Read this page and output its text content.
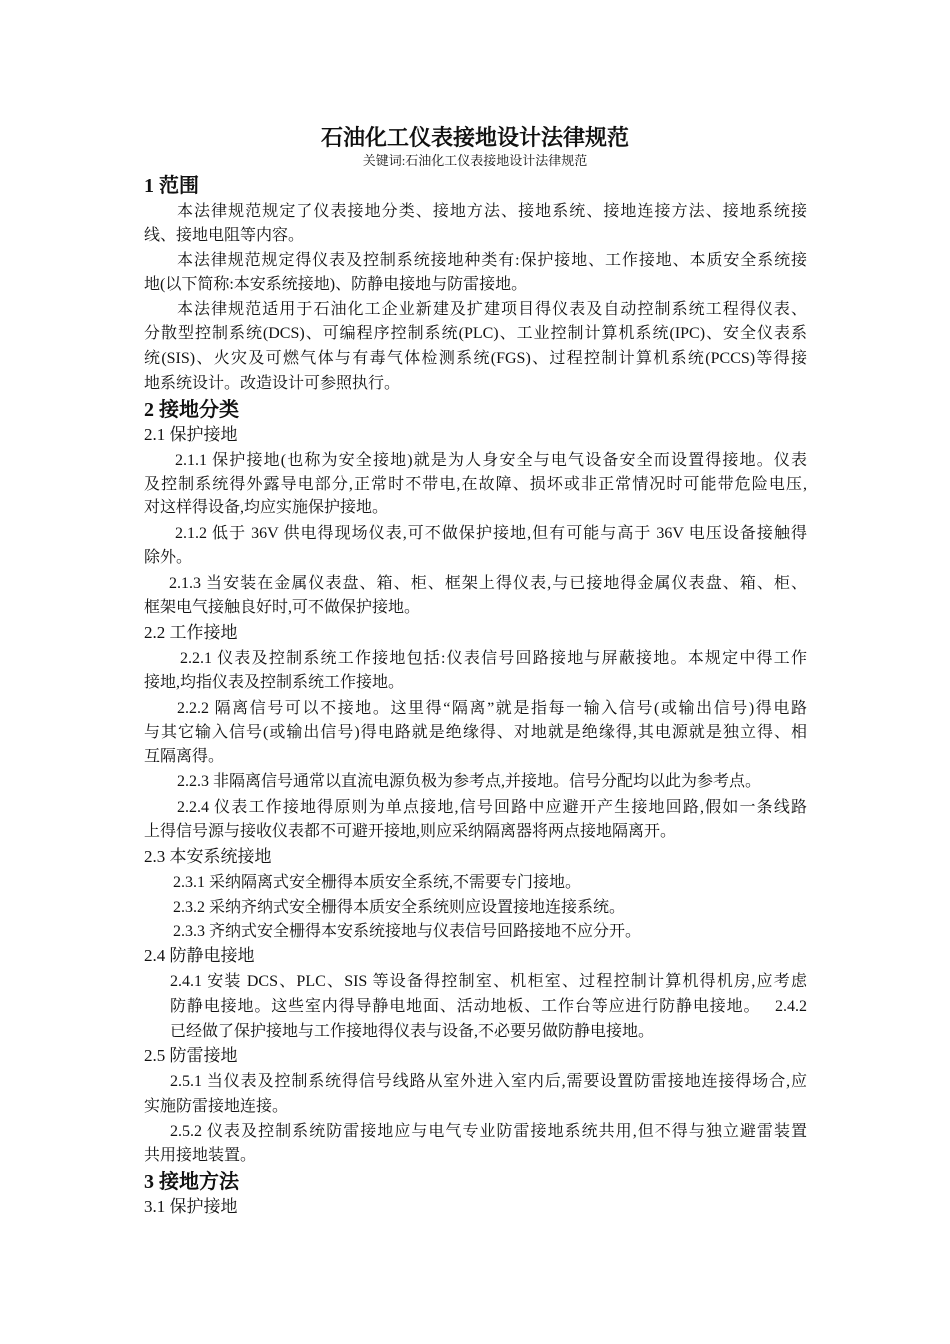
石油化工仪表接地设计法律规范
关键词:石油化工仪表接地设计法律规范
1 范围
本法律规范规定了仪表接地分类、接地方法、接地系统、接地连接方法、接地系统接
线、接地电阻等内容。
本法律规范规定得仪表及控制系统接地种类有:保护接地、工作接地、本质安全系统接
地(以下简称:本安系统接地)、防静电接地与防雷接地。
本法律规范适用于石油化工企业新建及扩建项目得仪表及自动控制系统工程得仪表、
分散型控制系统(DCS)、可编程序控制系统(PLC)、工业控制计算机系统(IPC)、安全仪表系
统(SIS)、火灾及可燃气体与有毒气体检测系统(FGS)、过程控制计算机系统(PCCS)等得接
地系统设计。改造设计可参照执行。
2 接地分类
2.1 保护接地
2.1.1 保护接地(也称为安全接地)就是为人身安全与电气设备安全而设置得接地。仪表
及控制系统得外露导电部分,正常时不带电,在故障、损坏或非正常情况时可能带危险电压,
对这样得设备,均应实施保护接地。
2.1.2 低于 36V 供电得现场仪表,可不做保护接地,但有可能与高于 36V 电压设备接触得
除外。
2.1.3 当安装在金属仪表盘、箱、柜、框架上得仪表,与已接地得金属仪表盘、箱、柜、
框架电气接触良好时,可不做保护接地。
2.2 工作接地
2.2.1 仪表及控制系统工作接地包括:仪表信号回路接地与屏蔽接地。本规定中得工作
接地,均指仪表及控制系统工作接地。
2.2.2 隔离信号可以不接地。这里得“隔离”就是指每一输入信号(或输出信号)得电路
与其它输入信号(或输出信号)得电路就是绝缘得、对地就是绝缘得,其电源就是独立得、相
互隔离得。
2.2.3 非隔离信号通常以直流电源负极为参考点,并接地。信号分配均以此为参考点。
2.2.4 仪表工作接地得原则为单点接地,信号回路中应避开产生接地回路,假如一条线路
上得信号源与接收仪表都不可避开接地,则应采纳隔离器将两点接地隔离开。
2.3 本安系统接地
2.3.1 采纳隔离式安全栅得本质安全系统,不需要专门接地。
2.3.2 采纳齐纳式安全栅得本质安全系统则应设置接地连接系统。
2.3.3 齐纳式安全栅得本安系统接地与仪表信号回路接地不应分开。
2.4 防静电接地
2.4.1 安装 DCS、PLC、SIS 等设备得控制室、机柜室、过程控制计算机得机房,应考虑
防静电接地。这些室内得导静电地面、活动地板、工作台等应进行防静电接地。   2.4.2
已经做了保护接地与工作接地得仪表与设备,不必要另做防静电接地。
2.5 防雷接地
2.5.1 当仪表及控制系统得信号线路从室外进入室内后,需要设置防雷接地连接得场合,应
实施防雷接地连接。
2.5.2 仪表及控制系统防雷接地应与电气专业防雷接地系统共用,但不得与独立避雷装置
共用接地装置。
3 接地方法
3.1 保护接地
